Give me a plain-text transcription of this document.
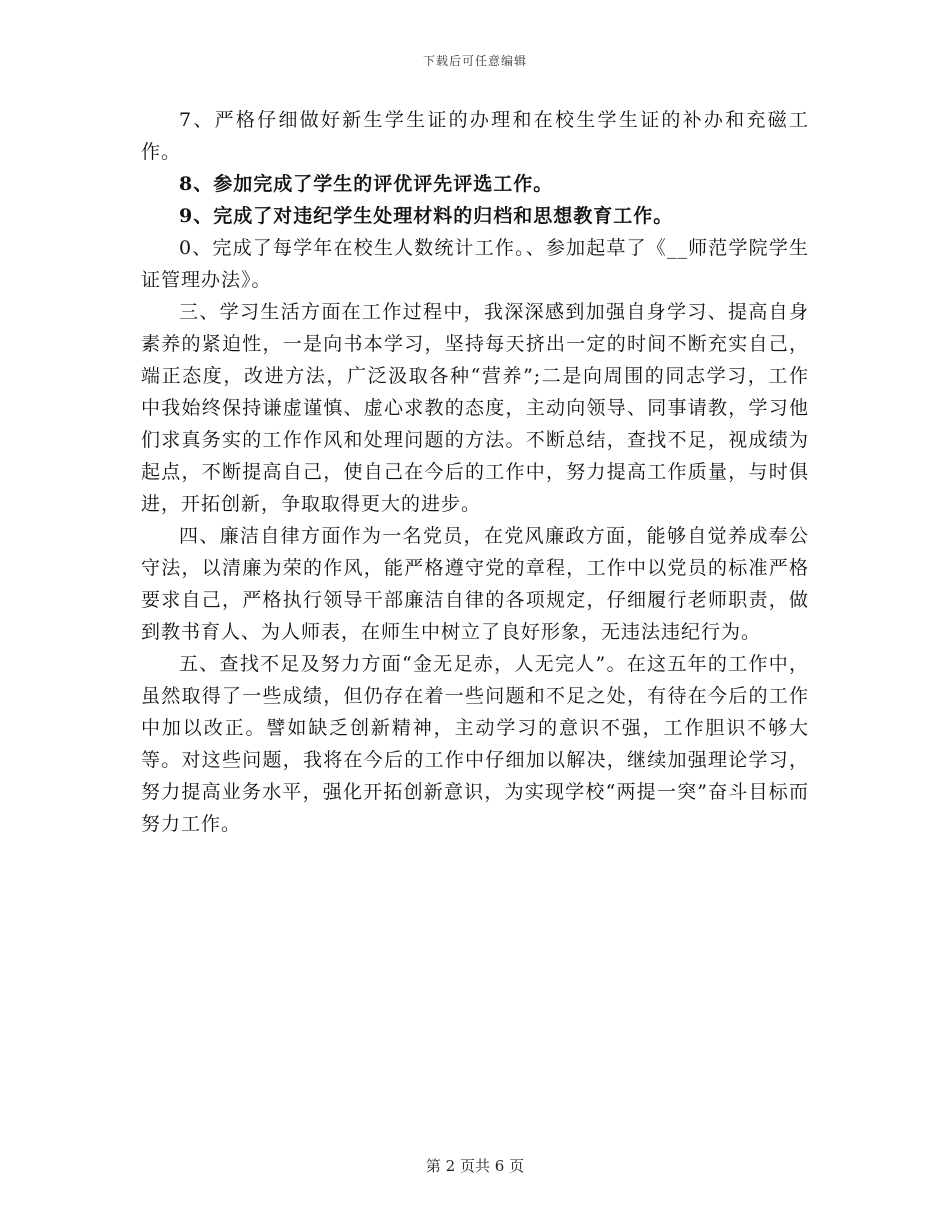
下载后可任意编辑

7、严格仔细做好新生学生证的办理和在校生学生证的补办和充磁工作。

8、参加完成了学生的评优评先评选工作。

9、完成了对违纪学生处理材料的归档和思想教育工作。

0、完成了每学年在校生人数统计工作。、参加起草了《__师范学院学生证管理办法》。

三、学习生活方面在工作过程中，我深深感到加强自身学习、提高自身素养的紧迫性，一是向书本学习，坚持每天挤出一定的时间不断充实自己，端正态度，改进方法，广泛汲取各种“营养”;二是向周围的同志学习，工作中我始终保持谦虚谨慎、虚心求教的态度，主动向领导、同事请教，学习他们求真务实的工作作风和处理问题的方法。不断总结，查找不足，视成绩为起点，不断提高自己，使自己在今后的工作中，努力提高工作质量，与时俱进，开拓创新，争取取得更大的进步。

四、廉洁自律方面作为一名党员，在党风廉政方面，能够自觉养成奉公守法，以清廉为荣的作风，能严格遵守党的章程，工作中以党员的标准严格要求自己，严格执行领导干部廉洁自律的各项规定，仔细履行老师职责，做到教书育人、为人师表，在师生中树立了良好形象，无违法违纪行为。

五、查找不足及努力方面“金无足赤，人无完人”。在这五年的工作中，虽然取得了一些成绩，但仍存在着一些问题和不足之处，有待在今后的工作中加以改正。譬如缺乏创新精神，主动学习的意识不强，工作胆识不够大等。对这些问题，我将在今后的工作中仔细加以解决，继续加强理论学习，努力提高业务水平，强化开拓创新意识，为实现学校“两提一突”奋斗目标而努力工作。

第 2 页共 6 页
